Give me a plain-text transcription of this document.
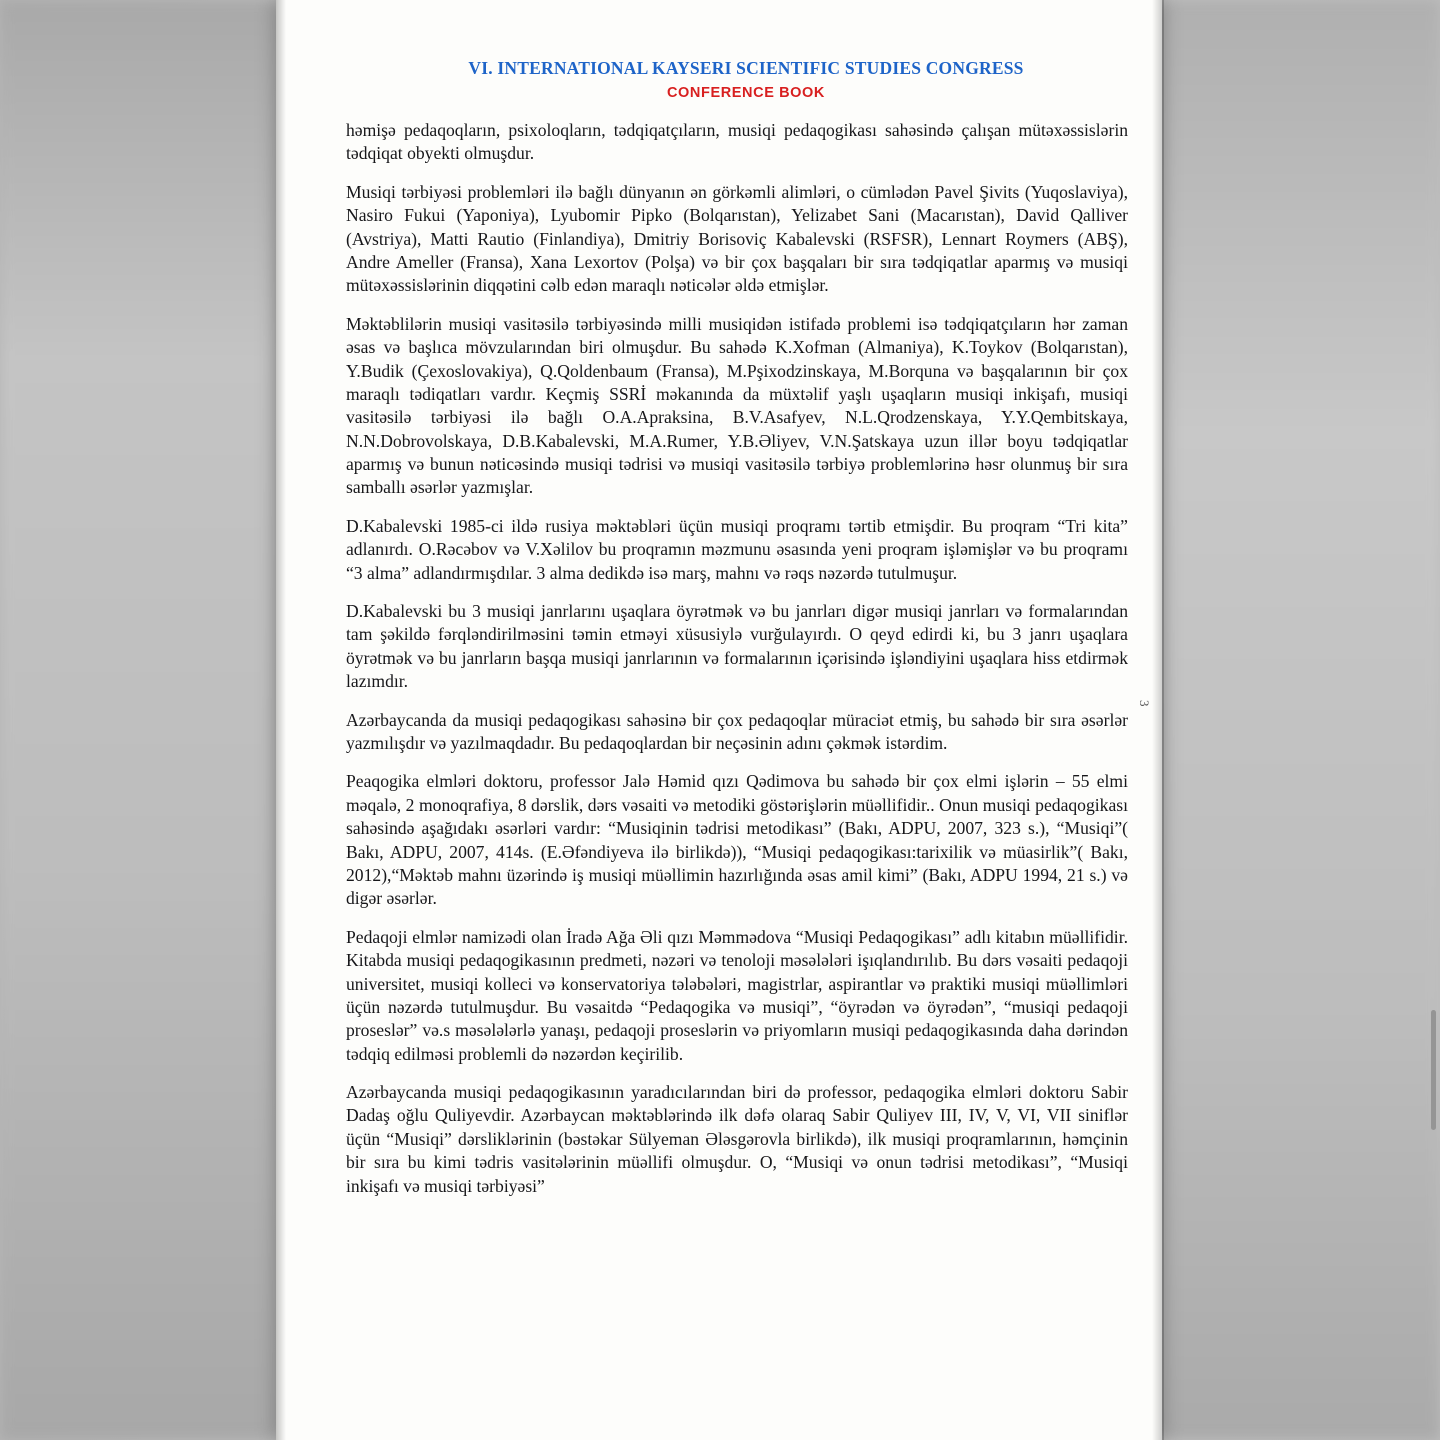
VI. INTERNATIONAL KAYSERI SCIENTIFIC STUDIES CONGRESS
CONFERENCE BOOK

həmişə pedaqoqların, psixoloqların, tədqiqatçıların, musiqi pedaqogikası sahəsində çalışan mütəxəssislərin tədqiqat obyekti olmuşdur.

Musiqi tərbiyəsi problemləri ilə bağlı dünyanın ən görkəmli alimləri, o cümlədən Pavel Şivits (Yuqoslaviya), Nasiro Fukui (Yaponiya), Lyubomir Pipko (Bolqarıstan), Yelizabet Sani (Macarıstan), David Qalliver (Avstriya), Matti Rautio (Finlandiya), Dmitriy Borisoviç Kabalevski (RSFSR), Lennart Roymers (ABŞ), Andre Ameller (Fransa), Xana Lexortov (Polşa) və bir çox başqaları bir sıra tədqiqatlar aparmış və musiqi mütəxəssislərinin diqqətini cəlb edən maraqlı nəticələr əldə etmişlər.

Məktəblilərin musiqi vasitəsilə tərbiyəsində milli musiqidən istifadə problemi isə tədqiqatçıların hər zaman əsas və başlıca mövzularından biri olmuşdur. Bu sahədə K.Xofman (Almaniya), K.Toykov (Bolqarıstan), Y.Budik (Çexoslovakiya), Q.Qoldenbaum (Fransa), M.Pşixodzinskaya, M.Borquna və başqalarının bir çox maraqlı tədiqatları vardır. Keçmiş SSRİ məkanında da müxtəlif yaşlı uşaqların musiqi inkişafı, musiqi vasitəsilə tərbiyəsi ilə bağlı O.A.Apraksina, B.V.Asafyev, N.L.Qrodzenskaya, Y.Y.Qembitskaya, N.N.Dobrovolskaya, D.B.Kabalevski, M.A.Rumer, Y.B.Əliyev, V.N.Şatskaya uzun illər boyu tədqiqatlar aparmış və bunun nəticəsində musiqi tədrisi və musiqi vasitəsilə tərbiyə problemlərinə həsr olunmuş bir sıra samballı əsərlər yazmışlar.

D.Kabalevski 1985-ci ildə rusiya məktəbləri üçün musiqi proqramı tərtib etmişdir. Bu proqram “Tri kita” adlanırdı. O.Rəcəbov və V.Xəlilov bu proqramın məzmunu əsasında yeni proqram işləmişlər və bu proqramı “3 alma” adlandırmışdılar. 3 alma dedikdə isə marş, mahnı və rəqs nəzərdə tutulmuşur.

D.Kabalevski bu 3 musiqi janrlarını uşaqlara öyrətmək və bu janrları digər musiqi janrları və formalarından tam şəkildə fərqləndirilməsini təmin etməyi xüsusiylə vurğulayırdı. O qeyd edirdi ki, bu 3 janrı uşaqlara öyrətmək və bu janrların başqa musiqi janrlarının və formalarının içərisində işləndiyini uşaqlara hiss etdirmək lazımdır.

Azərbaycanda da musiqi pedaqogikası sahəsinə bir çox pedaqoqlar müraciət etmiş, bu sahədə bir sıra əsərlər yazmılışdır və yazılmaqdadır. Bu pedaqoqlardan bir neçəsinin adını çəkmək istərdim.

Peaqogika elmləri doktoru, professor Jalə Həmid qızı Qədimova bu sahədə bir çox elmi işlərin – 55 elmi məqalə, 2 monoqrafiya, 8 dərslik, dərs vəsaiti və metodiki göstərişlərin müəllifidir.. Onun musiqi pedaqogikası sahəsində aşağıdakı əsərləri vardır: “Musiqinin tədrisi metodikası” (Bakı, ADPU, 2007, 323 s.), “Musiqi”( Bakı, ADPU, 2007, 414s. (E.Əfəndiyeva ilə birlikdə)), “Musiqi pedaqogikası:tarixilik və müasirlik”( Bakı, 2012),“Məktəb mahnı üzərində iş musiqi müəllimin hazırlığında əsas amil kimi” (Bakı, ADPU 1994, 21 s.) və digər əsərlər.

Pedaqoji elmlər namizədi olan İradə Ağa Əli qızı Məmmədova “Musiqi Pedaqogikası” adlı kitabın müəllifidir. Kitabda musiqi pedaqogikasının predmeti, nəzəri və tenoloji məsələləri işıqlandırılıb. Bu dərs vəsaiti pedaqoji universitet, musiqi kolleci və konservatoriya tələbələri, magistrlar, aspirantlar və praktiki musiqi müəllimləri üçün nəzərdə tutulmuşdur. Bu vəsaitdə “Pedaqogika və musiqi”, “öyrədən və öyrədən”, “musiqi pedaqoji proseslər” və.s məsələlərlə yanaşı, pedaqoji proseslərin və priyomların musiqi pedaqogikasında daha dərindən tədqiq edilməsi problemli də nəzərdən keçirilib.

Azərbaycanda musiqi pedaqogikasının yaradıcılarından biri də professor, pedaqogika elmləri doktoru Sabir Dadaş oğlu Quliyevdir. Azərbaycan məktəblərində ilk dəfə olaraq Sabir Quliyev III, IV, V, VI, VII siniflər üçün “Musiqi” dərsliklərinin (bəstəkar Sülyeman Ələsgərovla birlikdə), ilk musiqi proqramlarının, həmçinin bir sıra bu kimi tədris vasitələrinin müəllifi olmuşdur. O, “Musiqi və onun tədrisi metodikası”, “Musiqi inkişafı və musiqi tərbiyəsi”

3
